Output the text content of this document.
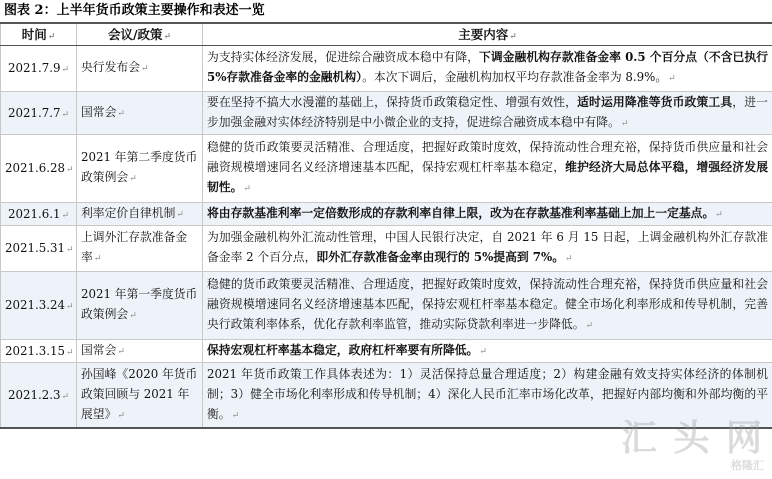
图表 2：上半年货币政策主要操作和表述一览
时间↵	会议/政策↵	主要内容↵
2021.7.9↵	央行发布会↵	为支持实体经济发展，促进综合融资成本稳中有降，下调金融机构存款准备金率 0.5 个百分点（不含已执行 5%存款准备金率的金融机构）。本次下调后，金融机构加权平均存款准备金率为 8.9%。↵
2021.7.7↵	国常会↵	要在坚持不搞大水漫灌的基础上，保持货币政策稳定性、增强有效性，适时运用降准等货币政策工具，进一步加强金融对实体经济特别是中小微企业的支持，促进综合融资成本稳中有降。↵
2021.6.28↵	2021 年第二季度货币政策例会↵	稳健的货币政策要灵活精准、合理适度，把握好政策时度效，保持流动性合理充裕，保持货币供应量和社会融资规模增速同名义经济增速基本匹配，保持宏观杠杆率基本稳定，维护经济大局总体平稳，增强经济发展韧性。↵
2021.6.1↵	利率定价自律机制↵	将由存款基准利率一定倍数形成的存款利率自律上限，改为在存款基准利率基础上加上一定基点。↵
2021.5.31↵	上调外汇存款准备金率↵	为加强金融机构外汇流动性管理，中国人民银行决定，自 2021 年 6 月 15 日起，上调金融机构外汇存款准备金率 2 个百分点，即外汇存款准备金率由现行的 5%提高到 7%。↵
2021.3.24↵	2021 年第一季度货币政策例会↵	稳健的货币政策要灵活精准、合理适度，把握好政策时度效，保持流动性合理充裕，保持货币供应量和社会融资规模增速同名义经济增速基本匹配，保持宏观杠杆率基本稳定。健全市场化利率形成和传导机制，完善央行政策利率体系，优化存款利率监管，推动实际贷款利率进一步降低。↵
2021.3.15↵	国常会↵	保持宏观杠杆率基本稳定，政府杠杆率要有所降低。↵
2021.2.3↵	孙国峰《2020 年货币政策回顾与 2021 年展望》↵	2021 年货币政策工作具体表述为：1）灵活保持总量合理适度；2）构建金融有效支持实体经济的体制机制；3）健全市场化利率形成和传导机制；4）深化人民币汇率市场化改革，把握好内部均衡和外部均衡的平衡。↵
汇 头 网
格隆汇
